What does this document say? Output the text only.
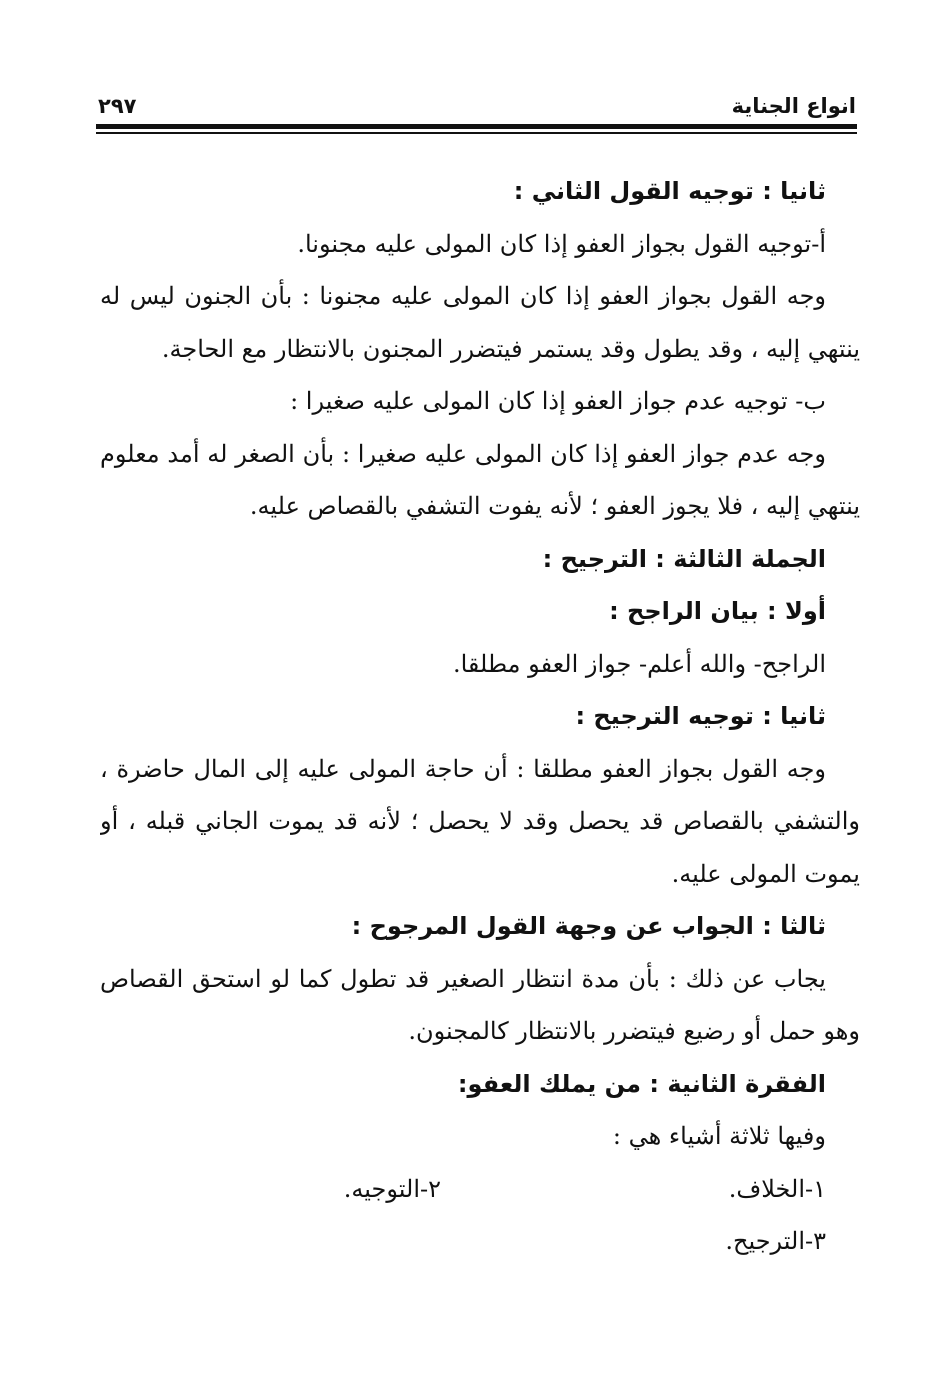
انواع الجناية
٢٩٧
ثانيا : توجيه القول الثاني :
أ-توجيه القول بجواز العفو إذا كان المولى عليه مجنونا.
وجه القول بجواز العفو إذا كان المولى عليه مجنونا : بأن الجنون ليس له
ينتهي إليه ، وقد يطول وقد يستمر فيتضرر المجنون بالانتظار مع الحاجة.
ب- توجيه عدم جواز العفو إذا كان المولى عليه صغيرا :
وجه عدم جواز العفو إذا كان المولى عليه صغيرا : بأن الصغر له أمد معلوم
ينتهي إليه ، فلا يجوز العفو ؛ لأنه يفوت التشفي بالقصاص عليه.
الجملة الثالثة : الترجيح :
أولا : بيان الراجح :
الراجح- والله أعلم- جواز العفو مطلقا.
ثانيا : توجيه الترجيح :
وجه القول بجواز العفو مطلقا : أن حاجة المولى عليه إلى المال حاضرة ،
والتشفي بالقصاص قد يحصل وقد لا يحصل ؛ لأنه قد يموت الجاني قبله ، أو
يموت المولى عليه.
ثالثا : الجواب عن وجهة القول المرجوح :
يجاب عن ذلك : بأن مدة انتظار الصغير قد تطول كما لو استحق القصاص
وهو حمل أو رضيع فيتضرر بالانتظار كالمجنون.
الفقرة الثانية : من يملك العفو:
وفيها ثلاثة أشياء هي :
١-الخلاف.
٢-التوجيه.
٣-الترجيح.
